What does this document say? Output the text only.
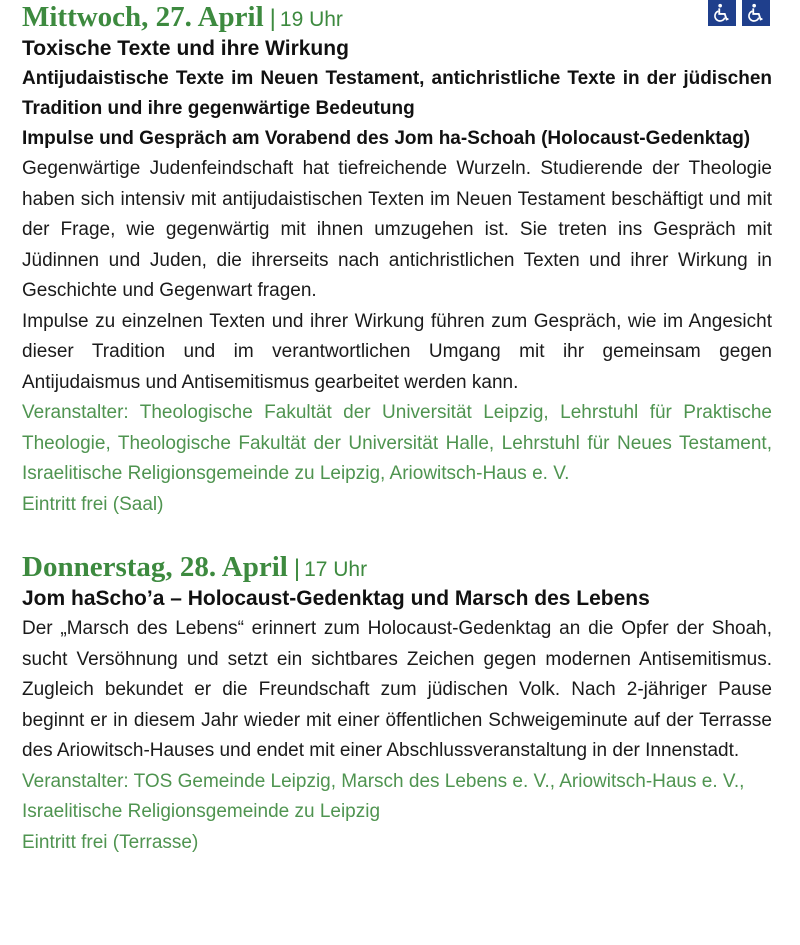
Mittwoch, 27. April | 19 Uhr

Toxische Texte und ihre Wirkung

Antijudaistische Texte im Neuen Testament, antichristliche Texte in der jüdischen Tradition und ihre gegenwärtige Bedeutung

Impulse und Gespräch am Vorabend des Jom ha-Schoah (Holocaust-Gedenktag)

Gegenwärtige Judenfeindschaft hat tiefreichende Wurzeln. Studierende der Theologie haben sich intensiv mit antijudaistischen Texten im Neuen Testament beschäftigt und mit der Frage, wie gegenwärtig mit ihnen umzugehen ist. Sie treten ins Gespräch mit Jüdinnen und Juden, die ihrerseits nach antichristlichen Texten und ihrer Wirkung in Geschichte und Gegenwart fragen.

Impulse zu einzelnen Texten und ihrer Wirkung führen zum Gespräch, wie im Angesicht dieser Tradition und im verantwortlichen Umgang mit ihr gemeinsam gegen Antijudaismus und Antisemitismus gearbeitet werden kann.

Veranstalter: Theologische Fakultät der Universität Leipzig, Lehrstuhl für Praktische Theologie, Theologische Fakultät der Universität Halle, Lehrstuhl für Neues Testament, Israelitische Religionsgemeinde zu Leipzig, Ariowitsch-Haus e. V.

Eintritt frei (Saal)

Donnerstag, 28. April | 17 Uhr

Jom haScho’a – Holocaust-Gedenktag und Marsch des Lebens

Der „Marsch des Lebens“ erinnert zum Holocaust-Gedenktag an die Opfer der Shoah, sucht Versöhnung und setzt ein sichtbares Zeichen gegen modernen Antisemitismus. Zugleich bekundet er die Freundschaft zum jüdischen Volk. Nach 2-jähriger Pause beginnt er in diesem Jahr wieder mit einer öffentlichen Schweigeminute auf der Terrasse des Ariowitsch-Hauses und endet mit einer Abschlussveranstaltung in der Innenstadt.

Veranstalter: TOS Gemeinde Leipzig, Marsch des Lebens e. V., Ariowitsch-Haus e. V.,

Israelitische Religionsgemeinde zu Leipzig

Eintritt frei (Terrasse)
